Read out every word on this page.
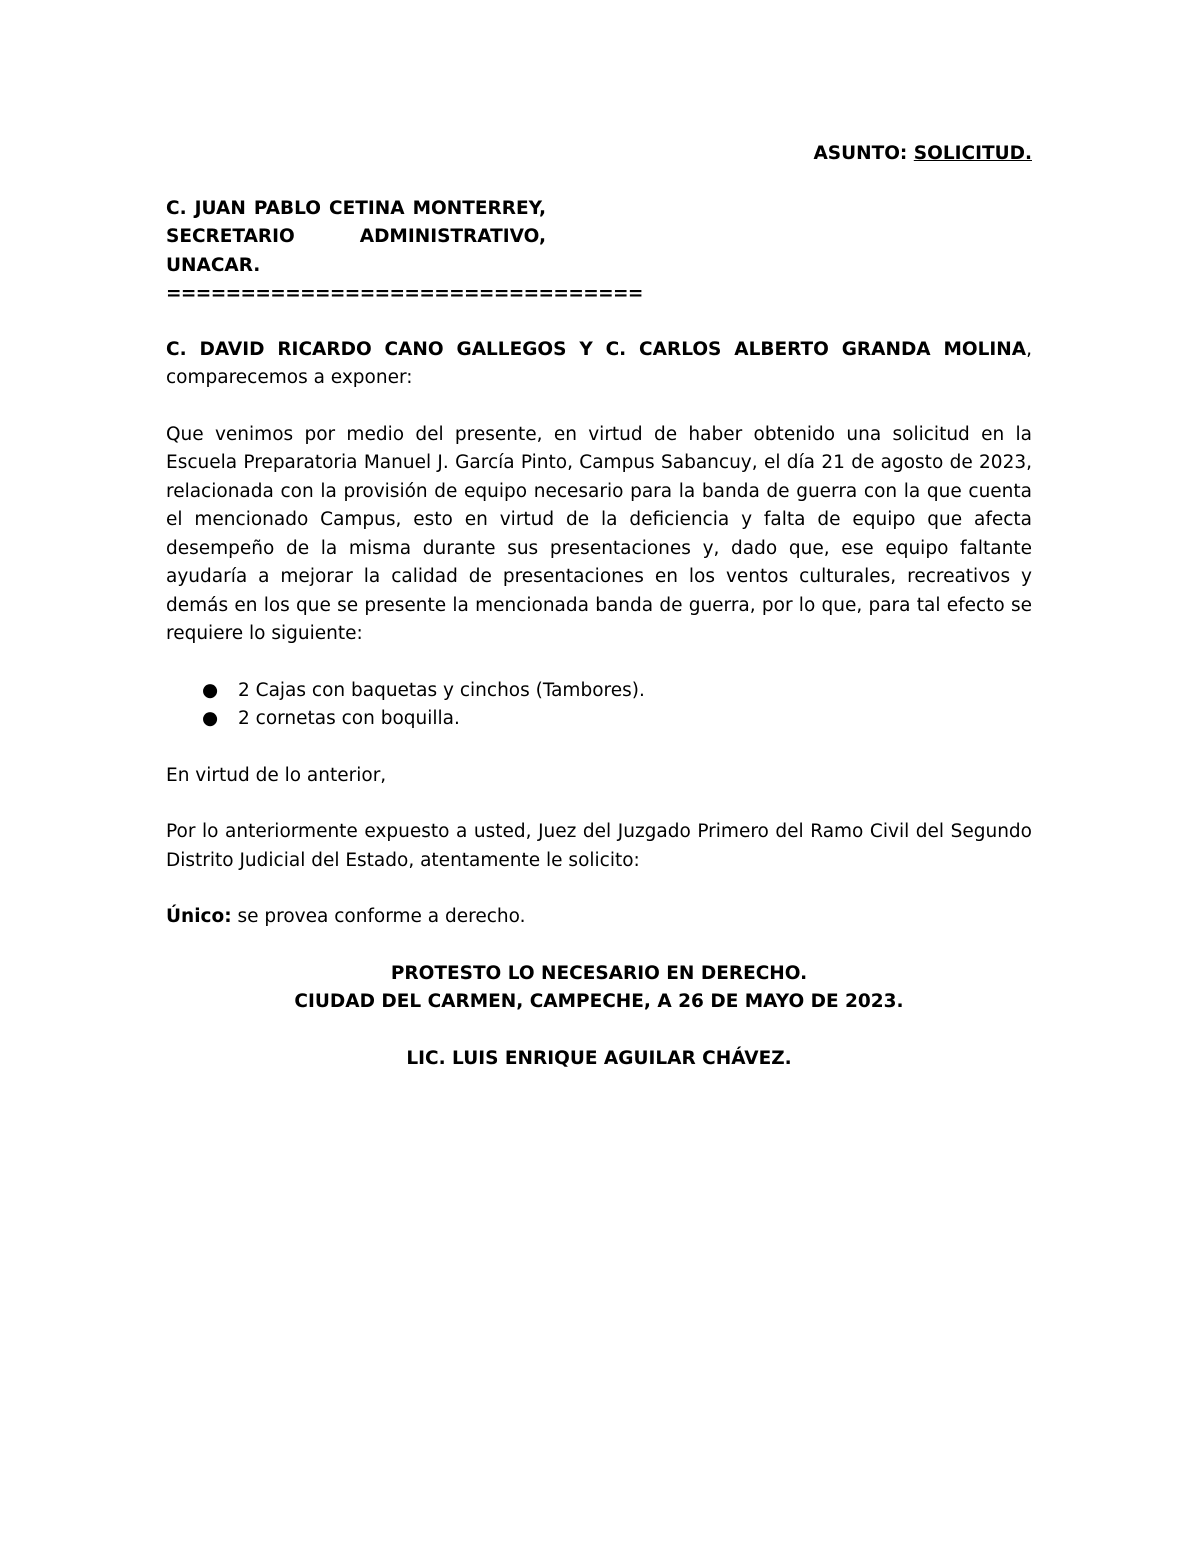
ASUNTO: SOLICITUD.

C. JUAN PABLO CETINA MONTERREY,
SECRETARIO ADMINISTRATIVO,
UNACAR.
================================
C. DAVID RICARDO CANO GALLEGOS Y C. CARLOS ALBERTO GRANDA MOLINA, comparecemos a exponer:
Que venimos por medio del presente, en virtud de haber obtenido una solicitud en la Escuela Preparatoria Manuel J. García Pinto, Campus Sabancuy, el día 21 de agosto de 2023, relacionada con la provisión de equipo necesario para la banda de guerra con la que cuenta el mencionado Campus, esto en virtud de la deficiencia y falta de equipo que afecta desempeño de la misma durante sus presentaciones y, dado que, ese equipo faltante ayudaría a mejorar la calidad de presentaciones en los ventos culturales, recreativos y demás en los que se presente la mencionada banda de guerra, por lo que, para tal efecto se requiere lo siguiente:
● 2 Cajas con baquetas y cinchos (Tambores).
● 2 cornetas con boquilla.
En virtud de lo anterior,
Por lo anteriormente expuesto a usted, Juez del Juzgado Primero del Ramo Civil del Segundo Distrito Judicial del Estado, atentamente le solicito:
Único: se provea conforme a derecho.
PROTESTO LO NECESARIO EN DERECHO.
CIUDAD DEL CARMEN, CAMPECHE, A 26 DE MAYO DE 2023.
LIC. LUIS ENRIQUE AGUILAR CHÁVEZ.
